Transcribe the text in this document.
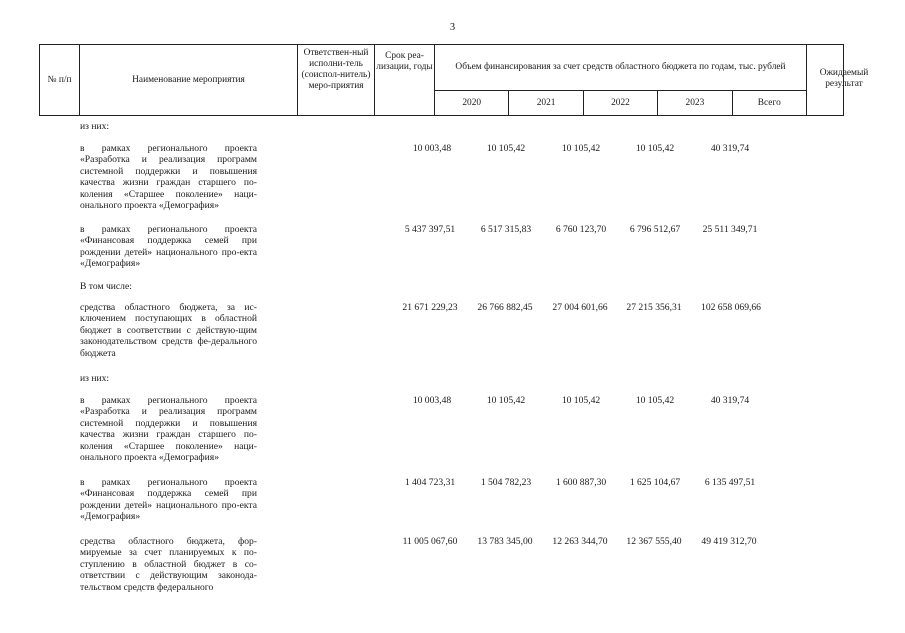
3
№ п/п	Наименование мероприятия
Ответствен-ный исполни-тель (соиспол-нитель) меро-приятия
Срок реа-лизации, годы	Объем финансирования за счет средств областного бюджета по годам, тыс. рублей
2020	2021	2022	2023	Всего
Ожидаемый результат
из них:
в рамках регионального проекта «Разработка и реализация программ системной поддержки и повышения качества жизни граждан старшего по-коления «Старшее поколение» наци-онального проекта «Демография»
10 003,48	10 105,42	10 105,42	10 105,42	40 319,74
в рамках регионального проекта «Финансовая поддержка семей при рождении детей» национального про-екта «Демография»
5 437 397,51	6 517 315,83	6 760 123,70	6 796 512,67	25 511 349,71
В том числе:
средства областного бюджета, за ис-ключением поступающих в областной бюджет в соответствии с действую-щим законодательством средств фе-дерального бюджета
21 671 229,23	26 766 882,45	27 004 601,66	27 215 356,31	102 658 069,66
из них:
в рамках регионального проекта «Разработка и реализация программ системной поддержки и повышения качества жизни граждан старшего по-коления «Старшее поколение» наци-онального проекта «Демография»
10 003,48	10 105,42	10 105,42	10 105,42	40 319,74
в рамках регионального проекта «Финансовая поддержка семей при рождении детей» национального про-екта «Демография»
1 404 723,31	1 504 782,23	1 600 887,30	1 625 104,67	6 135 497,51
средства областного бюджета, фор-мируемые за счет планируемых к по-ступлению в областной бюджет в со-ответствии с действующим законода-тельством средств федерального
11 005 067,60	13 783 345,00	12 263 344,70	12 367 555,40	49 419 312,70
